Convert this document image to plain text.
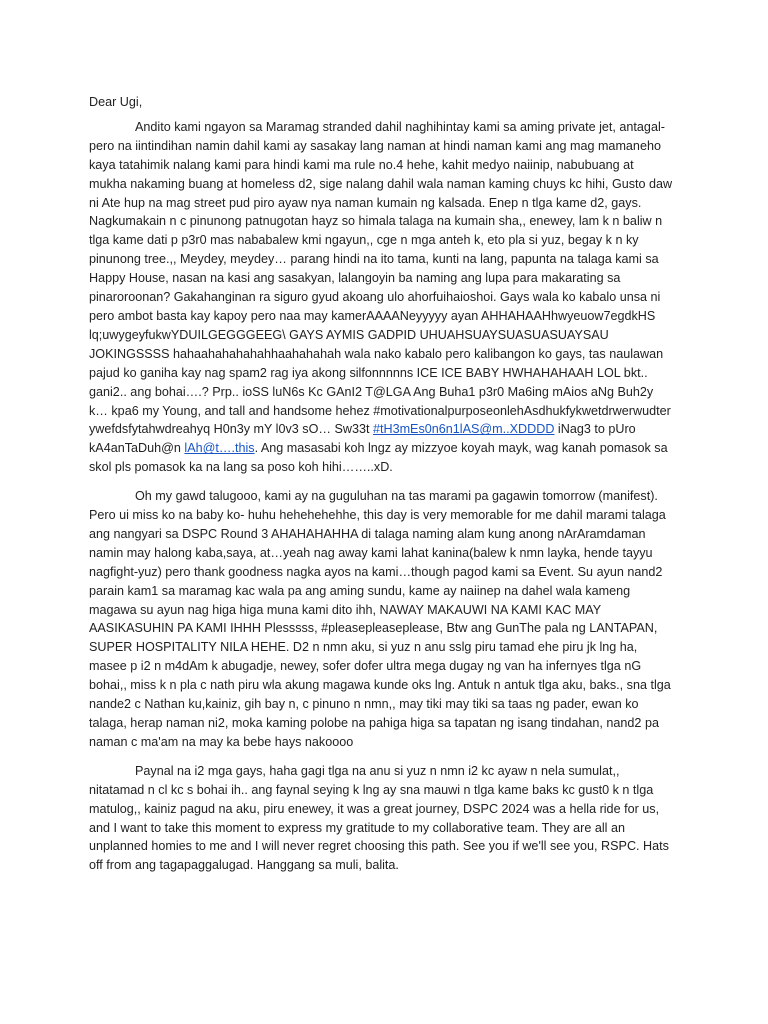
Dear Ugi,

Andito kami ngayon sa Maramag stranded dahil naghihintay kami sa aming private jet, antagal-pero na iintindihan namin dahil kami ay sasakay lang naman at hindi naman kami ang mag mamaneho kaya tatahimik nalang kami para hindi kami ma rule no.4 hehe, kahit medyo naiinip, nabubuang at mukha nakaming buang at homeless d2, sige nalang dahil wala naman kaming chuys kc hihi, Gusto daw ni Ate hup na mag street pud piro ayaw nya naman kumain ng kalsada. Enep n tlga kame d2, gays. Nagkumakain n c pinunong patnugotan hayz so himala talaga na kumain sha,, enewey, lam k n baliw n tlga kame dati p p3r0 mas nababalew kmi ngayun,, cge n mga anteh k, eto pla si yuz, begay k n ky pinunong tree.,, Meydey, meydey… parang hindi na ito tama, kunti na lang, papunta na talaga kami sa Happy House, nasan na kasi ang sasakyan, lalangoyin ba naming ang lupa para makarating sa pinaroroonan? Gakahanginan ra siguro gyud akoang ulo ahorfuihaioshoi. Gays wala ko kabalo unsa ni pero ambot basta kay kapoy pero naa may kamerAAAANeyyyyy ayan AHHAHAAHhwyeuow7egdkHS lq;uwygeyfukwYDUILGEGGGEEG\ GAYS AYMIS GADPID UHUAHSUAYSUASUASUAYSAU JOKINGSSSS hahaahahahahahhaahahahah wala nako kabalo pero kalibangon ko gays, tas naulawan pajud ko ganiha kay nag spam2 rag iya akong silfonnnnns ICE ICE BABY HWHAHAHAAH LOL bkt.. gani2.. ang bohai….? Prp.. ioSS luN6s Kc GAnI2 T@LGA Ang Buha1 p3r0 Ma6ing mAios aNg Buh2y k… kpa6 my Young, and tall and handsome hehez #motivationalpurposeonlehAsdhukfykwetdrwerwudter ywefdsfytahwdreahyq H0n3y mY l0v3 sO… Sw33t #tH3mEs0n6n1lAS@m..XDDDD iNag3 to pUro kA4anTaDuh@n lAh@t….this. Ang masasabi koh lngz ay mizzyoe koyah mayk, wag kanah pomasok sa skol pls pomasok ka na lang sa poso koh hihi……..xD.

Oh my gawd talugooo, kami ay na guguluhan na tas marami pa gagawin tomorrow (manifest). Pero ui miss ko na baby ko- huhu hehehehehhe, this day is very memorable for me dahil marami talaga ang nangyari sa DSPC Round 3 AHAHAHAHHA di talaga naming alam kung anong nArAramdaman namin may halong kaba,saya, at…yeah nag away kami lahat kanina(balew k nmn layka, hende tayyu nagfight-yuz) pero thank goodness nagka ayos na kami…though pagod kami sa Event. Su ayun nand2 parain kam1 sa maramag kac wala pa ang aming sundu, kame ay naiinep na dahel wala kameng magawa su ayun nag higa higa muna kami dito ihh, NAWAY MAKAUWI NA KAMI KAC MAY AASIKASUHIN PA KAMI IHHH Plesssss, #pleasepleaseplease, Btw ang GunThe pala ng LANTAPAN, SUPER HOSPITALITY NILA HEHE. D2 n nmn aku, si yuz n anu sslg piru tamad ehe piru jk lng ha, masee p i2 n m4dAm k abugadje, newey, sofer dofer ultra mega dugay ng van ha infernyes tlga nG bohai,, miss k n pla c nath piru wla akung magawa kunde oks lng. Antuk n antuk tlga aku, baks., sna tlga nande2 c Nathan ku,kainiz, gih bay n, c pinuno n nmn,, may tiki may tiki sa taas ng pader, ewan ko talaga, herap naman ni2, moka kaming polobe na pahiga higa sa tapatan ng isang tindahan, nand2 pa naman c ma'am na may ka bebe hays nakoooo

Paynal na i2 mga gays, haha gagi tlga na anu si yuz n nmn i2 kc ayaw n nela sumulat,, nitatamad n cl kc s bohai ih.. ang faynal seying k lng ay sna mauwi n tlga kame baks kc gust0 k n tlga matulog,, kainiz pagud na aku, piru enewey, it was a great journey, DSPC 2024 was a hella ride for us, and I want to take this moment to express my gratitude to my collaborative team. They are all an unplanned homies to me and I will never regret choosing this path. See you if we'll see you, RSPC. Hats off from ang tagapaggalugad. Hanggang sa muli, balita.
